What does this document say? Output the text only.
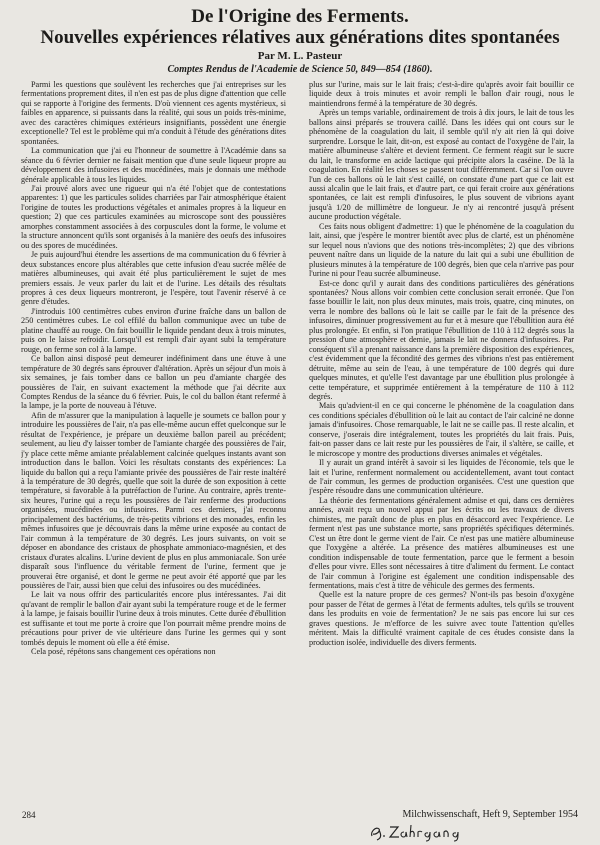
De l'Origine des Ferments.
Nouvelles expériences rélatives aux générations dites spontanées
Par M. L. Pasteur
Comptes Rendus de l'Academie de Science 50, 849—854 (1860).

Parmi les questions que soulèvent les recherches que j'ai entreprises sur les fermentations proprement dites, il n'en est pas de plus digne d'attention que celle qui se rapporte à l'origine des ferments. D'où viennent ces agents mystérieux, si faibles en apparence, si puissants dans la réalité, qui sous un poids très-minime, avec des caractères chimiques extérieurs insignifiants, possèdent une énergie exceptionelle? Tel est le problème qui m'a conduit à l'étude des générations dites spontanées.

La communication que j'ai eu l'honneur de soumettre à l'Académie dans sa séance du 6 février dernier ne faisait mention que d'une seule liqueur propre au développement des infusoires et des mucédinées, mais je donnais une méthode générale applicable à tous les liquides.

J'ai prouvé alors avec une rigueur qui n'a été l'objet que de contestations apparentes: 1) que les particules solides charriées par l'air atmosphérique étaient l'origine de toutes les productions végétales et animales propres à la liqueur en question; 2) que ces particules examinées au microscope sont des poussières amorphes constamment associées à des corpuscules dont la forme, le volume et la structure annoncent qu'ils sont organisés à la manière des oeufs des infusoires ou des spores de mucédinées.

Je puis aujourd'hui étendre les assertions de ma communication du 6 février à deux substances encore plus altérables que cette infusion d'eau sucrée mêlée de matières albumineuses, qui avait été plus particulièrement le sujet de mes premiers essais. Je veux parler du lait et de l'urine. Les détails des résultats propres à ces deux liqueurs montreront, je l'espère, tout l'avenir réservé à ce genre d'études.

J'introduis 100 centimètres cubes environ d'urine fraîche dans un ballon de 250 centimètres cubes. Le col effilé du ballon communique avec un tube de platine chauffé au rouge. On fait bouillir le liquide pendant deux à trois minutes, puis on le laisse refroidir. Lorsqu'il est rempli d'air ayant subi la température rouge, on ferme son col à la lampe.

Ce ballon ainsi disposé peut demeurer indéfiniment dans une étuve à une température de 30 degrés sans éprouver d'altération. Après un séjour d'un mois à six semaines, je fais tomber dans ce ballon un peu d'amiante chargée des poussières de l'air, en suivant exactement la méthode que j'ai décrite aux Comptes Rendus de la séance du 6 février. Puis, le col du ballon étant refermé à la lampe, je la porte de nouveau à l'étuve.

Afin de m'assurer que la manipulation à laquelle je soumets ce ballon pour y introduire les poussières de l'air, n'a pas elle-même aucun effet quelconque sur le résultat de l'expérience, je prépare un deuxième ballon pareil au précédent; seulement, au lieu d'y laisser tomber de l'amiante chargée des poussières de l'air, j'y place cette même amiante préalablement calcinée quelques instants avant son introduction dans le ballon. Voici les résultats constants des expériences: La liquide du ballon qui a reçu l'amiante privée des poussières de l'air reste inaltéré à la température de 30 degrés, quelle que soit la durée de son exposition à cette température, si favorable à la putréfaction de l'urine. Au contraire, après trente-six heures, l'urine qui a reçu les poussières de l'air renferme des productions organisées, mucédinées ou infusoires. Parmi ces derniers, j'ai reconnu principalement des bactériums, de très-petits vibrions et des monades, enfin les mêmes infusoires que je découvrais dans la même urine exposée au contact de l'air commun à la température de 30 degrés. Les jours suivants, on voit se déposer en abondance des cristaux de phosphate ammoniaco-magnésien, et des cristaux d'urates alcalins. L'urine devient de plus en plus ammoniacale. Son urée disparaît sous l'influence du véritable ferment de l'urine, ferment que je prouverai être organisé, et dont le germe ne peut avoir été apporté que par les poussières de l'air, aussi bien que celui des infusoires ou des mucédinées.

Le lait va nous offrir des particularités encore plus intéressantes. J'ai dit qu'avant de remplir le ballon d'air ayant subi la température rouge et de le fermer à la lampe, je faisais bouillir l'urine deux à trois minutes. Cette durée d'ébullition est suffisante et tout me porte à croire que l'on pourrait même prendre moins de précautions pour priver de vie ultérieure dans l'urine les germes qui y sont tombés depuis le moment où elle a été émise.

Cela posé, répétons sans changement ces opérations non

plus sur l'urine, mais sur le lait frais; c'est-à-dire qu'après avoir fait bouillir ce liquide deux à trois minutes et avoir rempli le ballon d'air rougi, nous le maintiendrons fermé à la température de 30 degrés.

Après un temps variable, ordinairement de trois à dix jours, le lait de tous les ballons ainsi préparés se trouvera caillé. Dans les idées qui ont cours sur le phénomène de la coagulation du lait, il semble qu'il n'y ait rien là qui doive surprendre. Lorsque le lait, dit-on, est exposé au contact de l'oxygène de l'air, la matière albumineuse s'altère et devient ferment. Ce ferment réagit sur le sucre du lait, le transforme en acide lactique qui précipite alors la caséine. De là la coagulation. En réalité les choses se passent tout différemment. Car si l'on ouvre l'un de ces ballons où le lait s'est caillé, on constate d'une part que ce lait est aussi alcalin que le lait frais, et d'autre part, ce qui ferait croire aux générations spontanées, ce lait est rempli d'infusoires, le plus souvent de vibrions ayant jusqu'à 1/20 de millimètre de longueur. Je n'y ai rencontré jusqu'à présent aucune production végétale.

Ces faits nous obligent d'admettre: 1) que le phénomène de la coagulation du lait, ainsi, que j'espère le montrer bientôt avec plus de clarté, est un phénomène sur lequel nous n'avions que des notions très-incomplètes; 2) que des vibrions peuvent naître dans un liquide de la nature du lait qui a subi une ébullition de plusieurs minutes à la température de 100 degrés, bien que cela n'arrive pas pour l'urine ni pour l'eau sucrée albumineuse.

Est-ce donc qu'il y aurait dans des conditions particulières des générations spontanées? Nous allons voir combien cette conclusion serait erronée. Que l'on fasse bouillir le lait, non plus deux minutes, mais trois, quatre, cinq minutes, on verra le nombre des ballons où le lait se caille par le fait de la présence des infusoires, diminuer progressivement au fur et à mesure que l'ébullition aura été plus prolongée. Et enfin, si l'on pratique l'ébullition de 110 à 112 degrés sous la pression d'une atmosphère et demie, jamais le lait ne donnera d'infusoires. Par conséquent s'il a prenant naissance dans la première disposition des expériences, c'est évidemment que la fécondité des germes des vibrions n'est pas entièrement détruite, même au sein de l'eau, à une température de 100 degrés qui dure quelques minutes, et qu'elle l'est davantage par une ébullition plus prolongée à cette température, et supprimée entièrement à la température de 110 à 112 degrés.

Mais qu'advient-il en ce qui concerne le phénomène de la coagulation dans ces conditions spéciales d'ébullition où le lait au contact de l'air calciné ne donne jamais d'infusoires. Chose remarquable, le lait ne se caille pas. Il reste alcalin, et conserve, j'oserais dire intégralement, toutes les propriétés du lait frais. Puis, fait-on passer dans ce lait reste pur les poussières de l'air, il s'altère, se caille, et le microscope y montre des productions diverses animales et végétales.

Il y aurait un grand intérêt à savoir si les liquides de l'économie, tels que le lait et l'urine, renferment normalement ou accidentellement, avant tout contact de l'air commun, les germes de production organisées. C'est une question que j'espère résoudre dans une communication ultérieure.

La théorie des fermentations généralement admise et qui, dans ces dernières années, avait reçu un nouvel appui par les écrits ou les travaux de divers chimistes, me paraît donc de plus en plus en désaccord avec l'expérience. Le ferment n'est pas une substance morte, sans propriétés spécifiques déterminés. C'est un être dont le germe vient de l'air. Ce n'est pas une matière albumineuse que l'oxygène a altérée. La présence des matières albumineuses est une condition indispensable de toute fermentation, parce que le ferment a besoin d'elles pour vivre. Elles sont nécessaires à titre d'aliment du ferment. Le contact de l'air commun à l'origine est également une condition indispensable des fermentations, mais c'est à titre de véhicule des germes des ferments.

Quelle est la nature propre de ces germes? N'ont-ils pas besoin d'oxygène pour passer de l'état de germes à l'état de ferments adultes, tels qu'ils se trouvent dans les produits en voie de fermentation? Je ne sais pas encore lui sur ces graves questions. Je m'efforce de les suivre avec toute l'attention qu'elles méritent. Mais la difficulté vraiment capitale de ces études consiste dans la production isolée, individuelle des divers ferments.

284	Milchwissenschaft, Heft 9, September 1954
